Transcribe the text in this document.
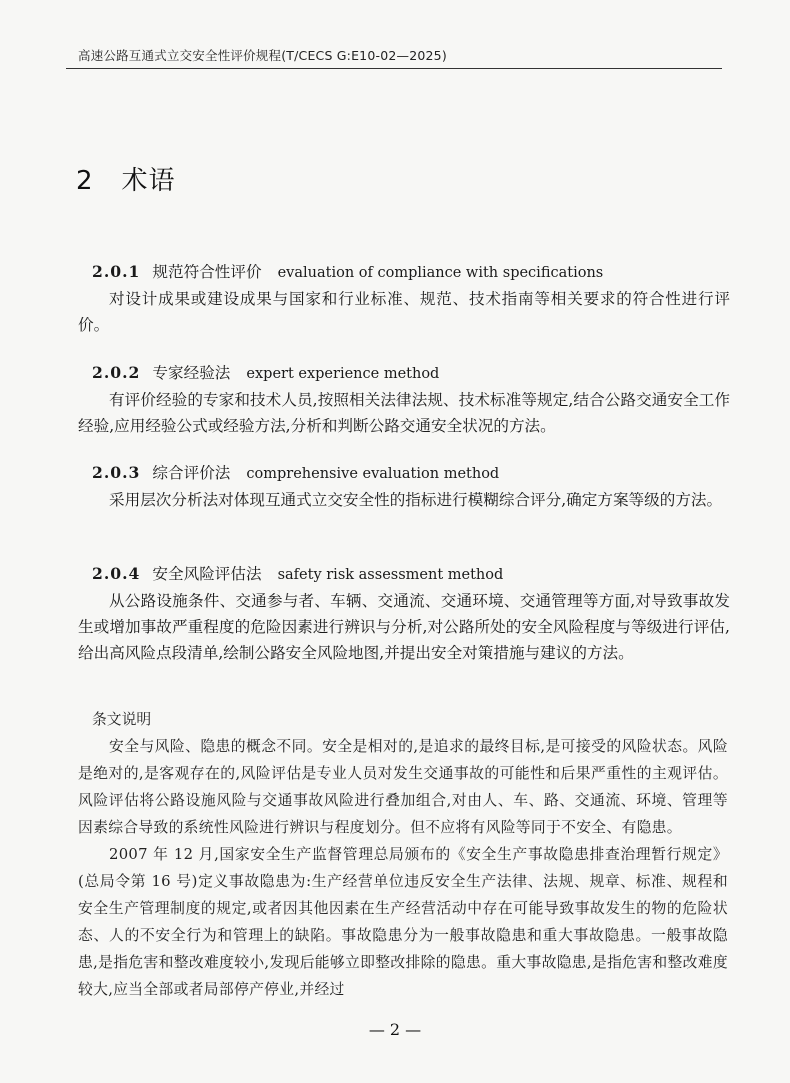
高速公路互通式立交安全性评价规程(T/CECS G:E10-02—2025)
2 术语
2.0.1 规范符合性评价 evaluation of compliance with specifications
对设计成果或建设成果与国家和行业标准、规范、技术指南等相关要求的符合性进行评价。
2.0.2 专家经验法 expert experience method
有评价经验的专家和技术人员,按照相关法律法规、技术标准等规定,结合公路交通安全工作经验,应用经验公式或经验方法,分析和判断公路交通安全状况的方法。
2.0.3 综合评价法 comprehensive evaluation method
采用层次分析法对体现互通式立交安全性的指标进行模糊综合评分,确定方案等级的方法。
2.0.4 安全风险评估法 safety risk assessment method
从公路设施条件、交通参与者、车辆、交通流、交通环境、交通管理等方面,对导致事故发生或增加事故严重程度的危险因素进行辨识与分析,对公路所处的安全风险程度与等级进行评估,给出高风险点段清单,绘制公路安全风险地图,并提出安全对策措施与建议的方法。
条文说明
安全与风险、隐患的概念不同。安全是相对的,是追求的最终目标,是可接受的风险状态。风险是绝对的,是客观存在的,风险评估是专业人员对发生交通事故的可能性和后果严重性的主观评估。风险评估将公路设施风险与交通事故风险进行叠加组合,对由人、车、路、交通流、环境、管理等因素综合导致的系统性风险进行辨识与程度划分。但不应将有风险等同于不安全、有隐患。
2007 年 12 月,国家安全生产监督管理总局颁布的《安全生产事故隐患排查治理暂行规定》(总局令第 16 号)定义事故隐患为:生产经营单位违反安全生产法律、法规、规章、标准、规程和安全生产管理制度的规定,或者因其他因素在生产经营活动中存在可能导致事故发生的物的危险状态、人的不安全行为和管理上的缺陷。事故隐患分为一般事故隐患和重大事故隐患。一般事故隐患,是指危害和整改难度较小,发现后能够立即整改排除的隐患。重大事故隐患,是指危害和整改难度较大,应当全部或者局部停产停业,并经过
— 2 —
